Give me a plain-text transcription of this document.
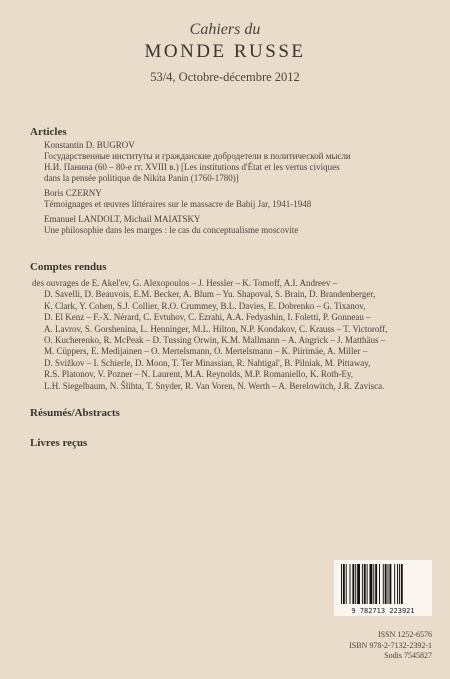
Cahiers du
MONDE RUSSE
53/4, Octobre-décembre 2012
Articles
Konstantin D. BUGROV
Государственные институты и гражданские добродетели в политической мысли
Н.И. Панина (60 – 80-е гг. XVIII в.) [Les institutions d'État et les vertus civiques
dans la pensée politique de Nikita Panin (1760-1780)]
Boris CZERNY
Témoignages et œuvres littéraires sur le massacre de Babij Jar, 1941-1948
Emanuel LANDOLT, Michail MAIATSKY
Une philosophie dans les marges : le cas du conceptualisme moscovite
Comptes rendus
des ouvrages de E. Akel'ev, G. Alexopoulos – J. Hessler – K. Tomoff, A.I. Andreev –
D. Savelli, D. Beauvois, E.M. Becker, A. Blum – Yu. Shapoval, S. Brain, D. Brandenberger,
K. Clark, Y. Cohen, S.J. Collier, R.O. Crummey, B.L. Davies, E. Dobrenko – G. Tixanov,
D. El Kenz – F.-X. Nérard, C. Evtuhov, C. Ezrahi, A.A. Fedyashin, I. Foletti, P. Gonneau –
A. Lavrov, S. Gorshenina, L. Henninger, M.L. Hilton, N.P. Kondakov, C. Krauss – T. Victoroff,
O. Kucherenko, R. McPeak – D. Tussing Orwin, K.M. Mallmann – A. Angrick – J. Matthäus –
M. Cüppers, E. Medijainen – O. Mertelsmann, O. Mertelsmann – K. Piirimäe, A. Miller –
D. Svižkov – I. Schierle, D. Moon, T. Ter Minassian, R. Nahtigal', B. Pilniak, M. Pittaway,
R.S. Platonov, V. Pozner – N. Laurent, M.A. Reynolds, M.P. Romaniello, K. Roth-Ey,
L.H. Siegelbaum, N. Šlihta, T. Snyder, R. Van Voren, N. Werth – A. Berelowitch, J.R. Zavisca.
Résumés/Abstracts
Livres reçus
9 782713 223921
ISSN 1252-6576
ISBN 978-2-7132-2392-1
Sodis 7545827
